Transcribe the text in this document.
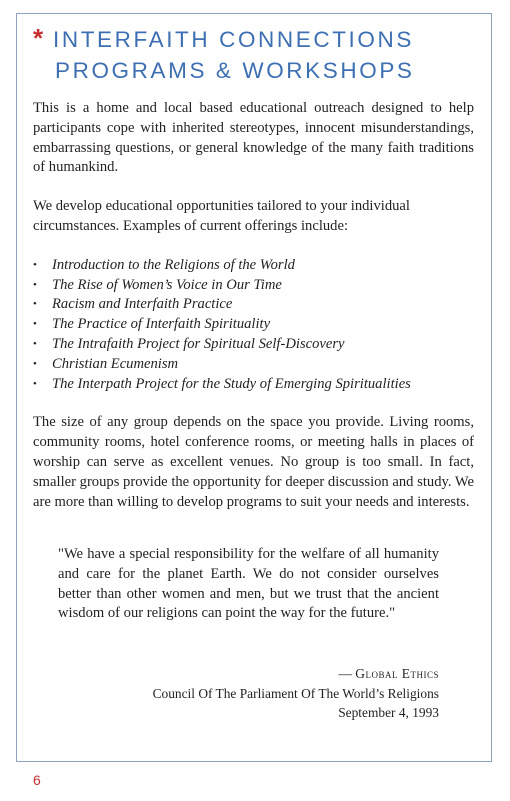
* INTERFAITH CONNECTIONS
PROGRAMS & WORKSHOPS

This is a home and local based educational outreach designed to help participants cope with inherited stereotypes, innocent misunderstandings, embarrassing questions, or general knowledge of the many faith traditions of humankind.

We develop educational opportunities tailored to your individual circumstances. Examples of current offerings include:

• Introduction to the Religions of the World
• The Rise of Women’s Voice in Our Time
• Racism and Interfaith Practice
• The Practice of Interfaith Spirituality
• The Intrafaith Project for Spiritual Self-Discovery
• Christian Ecumenism
• The Interpath Project for the Study of Emerging Spiritualities

The size of any group depends on the space you provide. Living rooms, community rooms, hotel conference rooms, or meeting halls in places of worship can serve as excellent venues. No group is too small. In fact, smaller groups provide the opportunity for deeper discussion and study. We are more than willing to develop programs to suit your needs and interests.

"We have a special responsibility for the welfare of all humanity and care for the planet Earth. We do not consider ourselves better than other women and men, but we trust that the ancient wisdom of our religions can point the way for the future."
— Global Ethics
Council Of The Parliament Of The World’s Religions
September 4, 1993
6
